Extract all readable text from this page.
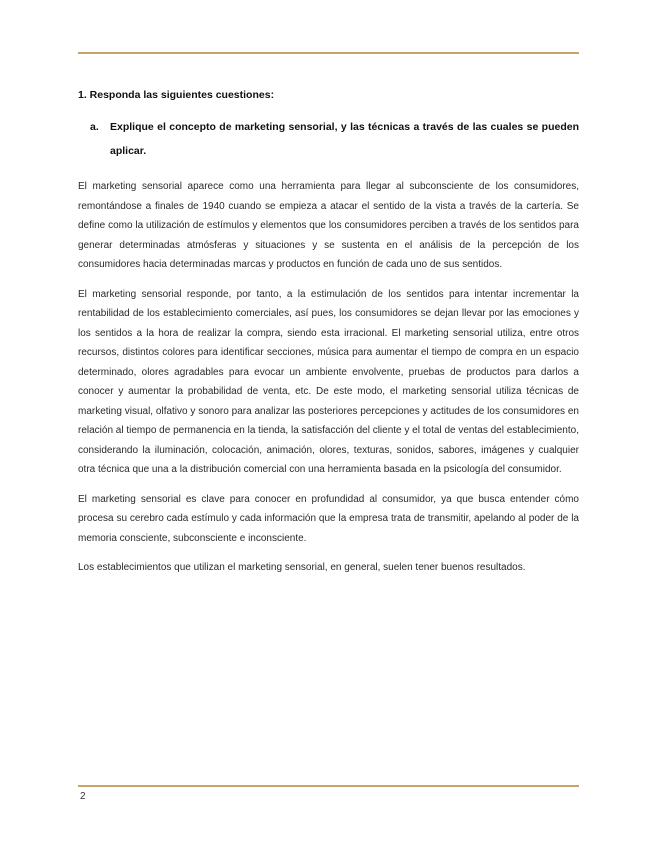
1. Responda las siguientes cuestiones:
a.	Explique el concepto de marketing sensorial, y las técnicas a través de las cuales se pueden aplicar.

El marketing sensorial aparece como una herramienta para llegar al subconsciente de los consumidores, remontándose a finales de 1940 cuando se empieza a atacar el sentido de la vista a través de la cartería. Se define como la utilización de estímulos y elementos que los consumidores perciben a través de los sentidos para generar determinadas atmósferas y situaciones y se sustenta en el análisis de la percepción de los consumidores hacia determinadas marcas y productos en función de cada uno de sus sentidos.

El marketing sensorial responde, por tanto, a la estimulación de los sentidos para intentar incrementar la rentabilidad de los establecimiento comerciales, así pues, los consumidores se dejan llevar por las emociones y los sentidos a la hora de realizar la compra, siendo esta irracional. El marketing sensorial utiliza, entre otros recursos, distintos colores para identificar secciones, música para aumentar el tiempo de compra en un espacio determinado, olores agradables para evocar un ambiente envolvente, pruebas de productos para darlos a conocer y aumentar la probabilidad de venta, etc. De este modo, el marketing sensorial utiliza técnicas de marketing visual, olfativo y sonoro para analizar las posteriores percepciones y actitudes de los consumidores en relación al tiempo de permanencia en la tienda, la satisfacción del cliente y el total de ventas del establecimiento, considerando la iluminación, colocación, animación, olores, texturas, sonidos, sabores, imágenes y cualquier otra técnica que una a la distribución comercial con una herramienta basada en la psicología del consumidor.

El marketing sensorial es clave para conocer en profundidad al consumidor, ya que busca entender cómo procesa su cerebro cada estímulo y cada información que la empresa trata de transmitir, apelando al poder de la memoria consciente, subconsciente e inconsciente.

Los establecimientos que utilizan el marketing sensorial, en general, suelen tener buenos resultados.

2
